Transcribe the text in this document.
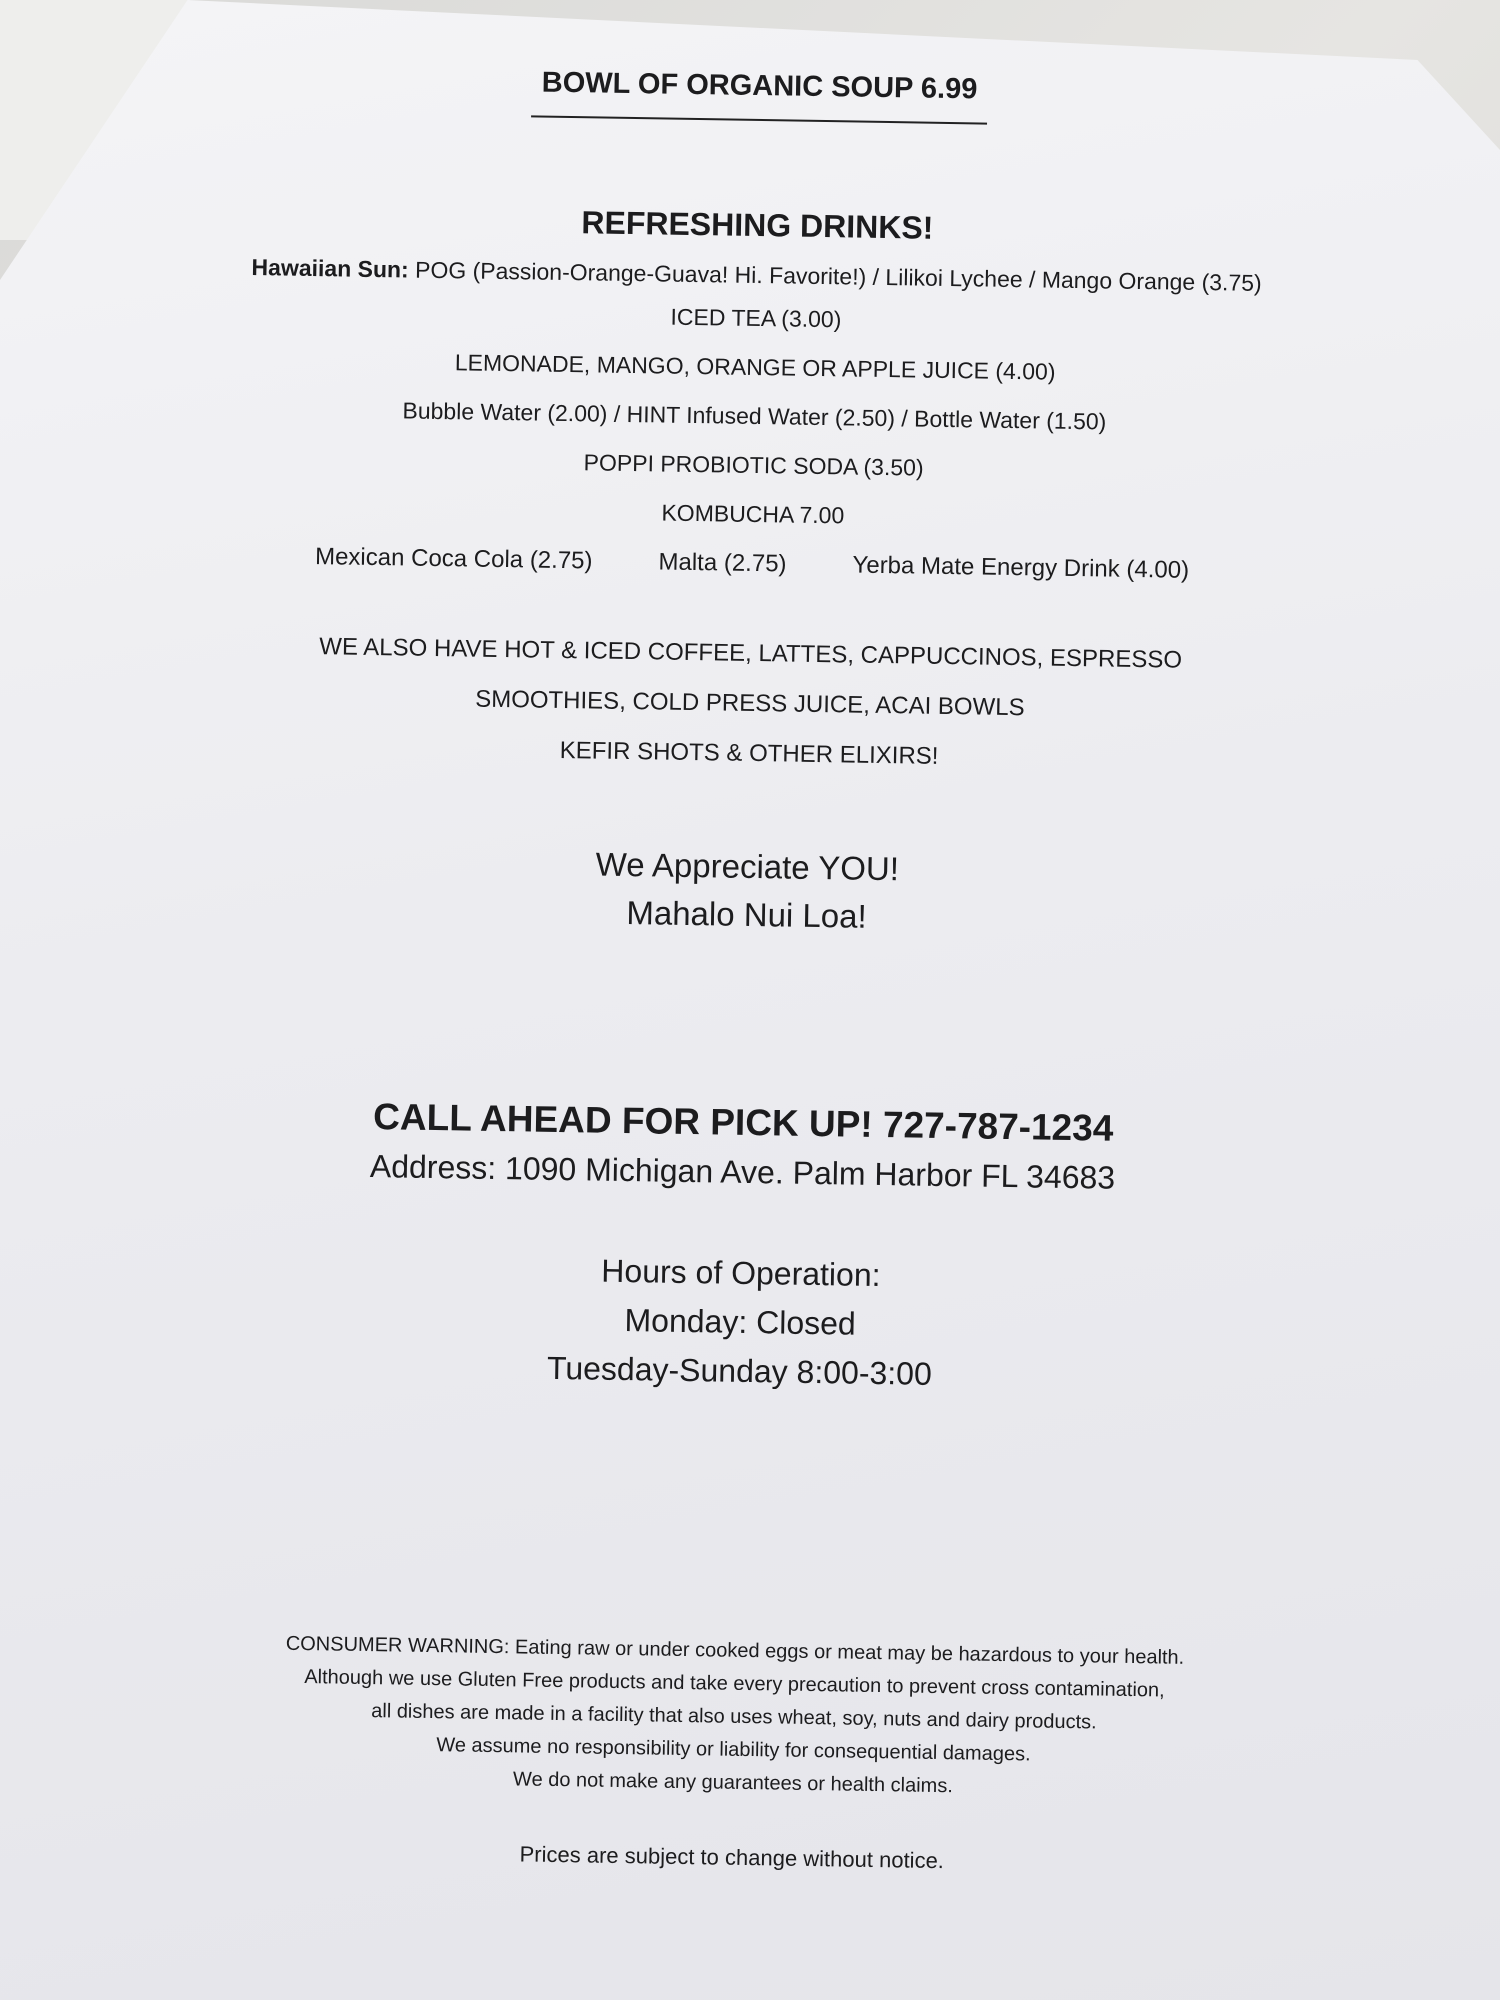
BOWL OF ORGANIC SOUP 6.99
REFRESHING DRINKS!
Hawaiian Sun: POG (Passion-Orange-Guava! Hi. Favorite!) / Lilikoi Lychee / Mango Orange (3.75)
ICED TEA (3.00)
LEMONADE, MANGO, ORANGE OR APPLE JUICE (4.00)
Bubble Water (2.00) / HINT Infused Water (2.50) / Bottle Water (1.50)
POPPI PROBIOTIC SODA (3.50)
KOMBUCHA 7.00
Mexican Coca Cola (2.75)	Malta (2.75)	Yerba Mate Energy Drink (4.00)
WE ALSO HAVE HOT & ICED COFFEE, LATTES, CAPPUCCINOS, ESPRESSO
SMOOTHIES, COLD PRESS JUICE, ACAI BOWLS
KEFIR SHOTS & OTHER ELIXIRS!
We Appreciate YOU!
Mahalo Nui Loa!
CALL AHEAD FOR PICK UP! 727-787-1234
Address: 1090 Michigan Ave. Palm Harbor FL 34683
Hours of Operation:
Monday: Closed
Tuesday-Sunday 8:00-3:00
CONSUMER WARNING: Eating raw or under cooked eggs or meat may be hazardous to your health.
Although we use Gluten Free products and take every precaution to prevent cross contamination,
all dishes are made in a facility that also uses wheat, soy, nuts and dairy products.
We assume no responsibility or liability for consequential damages.
We do not make any guarantees or health claims.
Prices are subject to change without notice.
